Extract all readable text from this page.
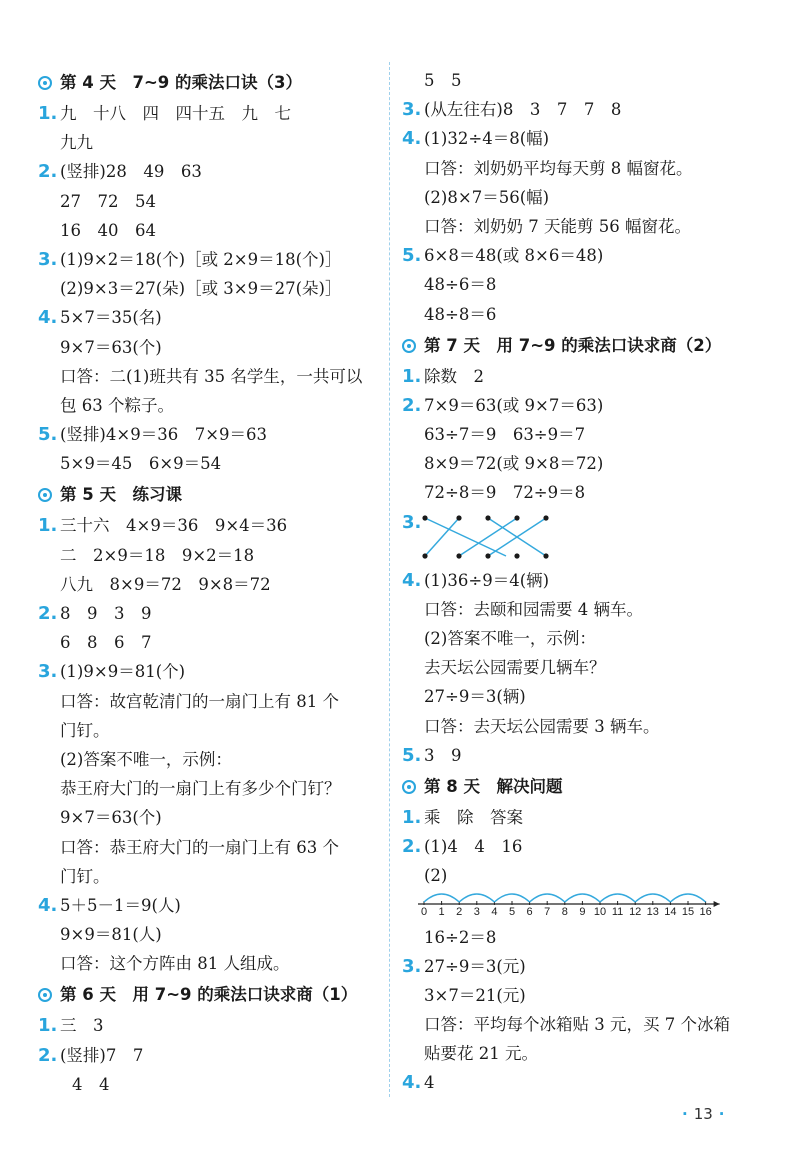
第 4 天　7~9 的乘法口诀（3）
1. 九　十八　四　四十五　九　七
九九
2. (竖排)28　49　63
27　72　54
16　40　64
3. (1)9×2＝18(个)［或 2×9＝18(个)］
(2)9×3＝27(朵)［或 3×9＝27(朵)］
4. 5×7＝35(名)
9×7＝63(个)
口答：二(1)班共有 35 名学生，一共可以
包 63 个粽子。
5. (竖排)4×9＝36　7×9＝63
5×9＝45　6×9＝54
第 5 天　练习课
1. 三十六　4×9＝36　9×4＝36
二　2×9＝18　9×2＝18
八九　8×9＝72　9×8＝72
2. 8　9　3　9
6　8　6　7
3. (1)9×9＝81(个)
口答：故宫乾清门的一扇门上有 81 个
门钉。
(2)答案不唯一，示例：
恭王府大门的一扇门上有多少个门钉？
9×7＝63(个)
口答：恭王府大门的一扇门上有 63 个
门钉。
4. 5＋5－1＝9(人)
9×9＝81(人)
口答：这个方阵由 81 人组成。
第 6 天　用 7~9 的乘法口诀求商（1）
1. 三　3
2. (竖排)7　7
4　4
5　5
3. (从左往右)8　3　7　7　8
4. (1)32÷4＝8(幅)
口答：刘奶奶平均每天剪 8 幅窗花。
(2)8×7＝56(幅)
口答：刘奶奶 7 天能剪 56 幅窗花。
5. 6×8＝48(或 8×6＝48)
48÷6＝8
48÷8＝6
第 7 天　用 7~9 的乘法口诀求商（2）
1. 除数　2
2. 7×9＝63(或 9×7＝63)
63÷7＝9　63÷9＝7
8×9＝72(或 9×8＝72)
72÷8＝9　72÷9＝8
3.
4. (1)36÷9＝4(辆)
口答：去颐和园需要 4 辆车。
(2)答案不唯一，示例：
去天坛公园需要几辆车？
27÷9＝3(辆)
口答：去天坛公园需要 3 辆车。
5. 3　9
第 8 天　解决问题
1. 乘　除　答案
2. (1)4　4　16
(2)
0 1 2 3 4 5 6 7 8 9 10 11 12 13 14 15 16
16÷2＝8
3. 27÷9＝3(元)
3×7＝21(元)
口答：平均每个冰箱贴 3 元，买 7 个冰箱
贴要花 21 元。
4. 4
· 13 ·
